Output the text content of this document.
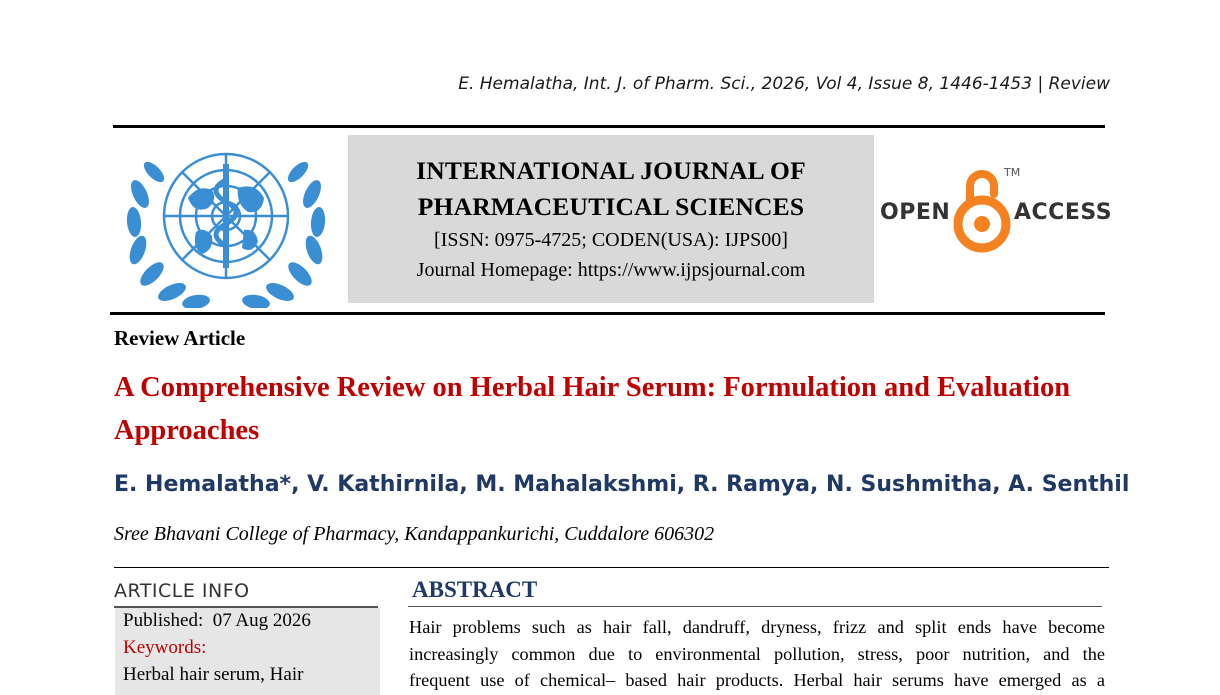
E. Hemalatha, Int. J. of Pharm. Sci., 2026, Vol 4, Issue 8, 1446-1453 | Review
INTERNATIONAL JOURNAL OF
PHARMACEUTICAL SCIENCES
[ISSN: 0975-4725; CODEN(USA): IJPS00]
Journal Homepage: https://www.ijpsjournal.com
OPEN
TM
ACCESS
Review Article
A Comprehensive Review on Herbal Hair Serum: Formulation and Evaluation Approaches
E. Hemalatha*, V. Kathirnila, M. Mahalakshmi, R. Ramya, N. Sushmitha, A. Senthil
Sree Bhavani College of Pharmacy, Kandappankurichi, Cuddalore 606302
ARTICLE INFO
Published: 07 Aug 2026
Keywords:
Herbal hair serum, Hair
ABSTRACT
Hair problems such as hair fall, dandruff, dryness, frizz and split ends have become
increasingly common due to environmental pollution, stress, poor nutrition, and the
frequent use of chemical– based hair products. Herbal hair serums have emerged as a
